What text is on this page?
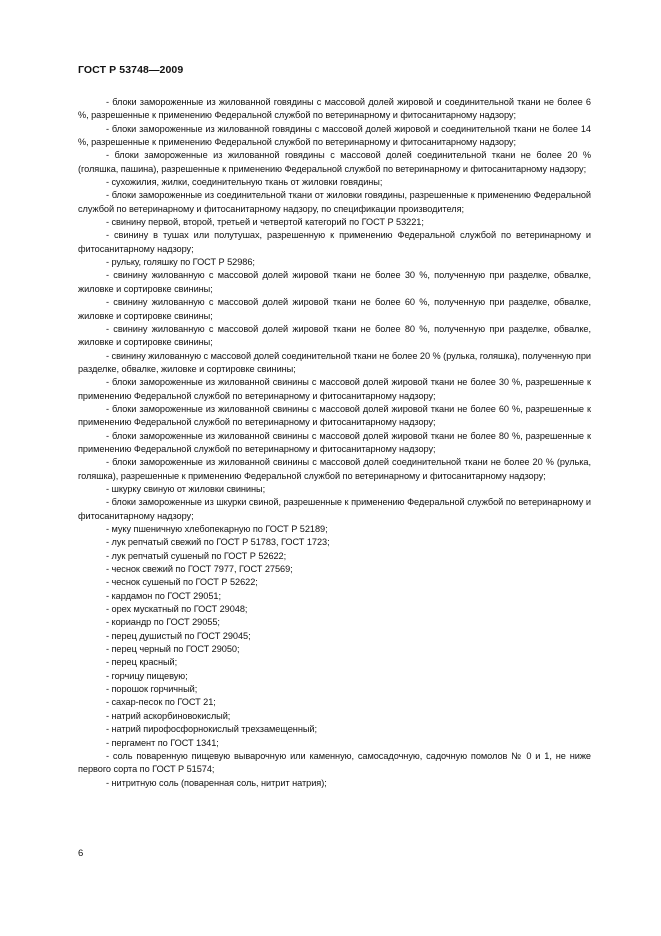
ГОСТ Р 53748—2009

- блоки замороженные из жилованной говядины с массовой долей жировой и соединительной ткани не более 6 %, разрешенные к применению Федеральной службой по ветеринарному и фитосанитарному надзору;

- блоки замороженные из жилованной говядины с массовой долей жировой и соединительной ткани не более 14 %, разрешенные к применению Федеральной службой по ветеринарному и фитосанитарному надзору;

- блоки замороженные из жилованной говядины с массовой долей соединительной ткани не более 20 % (голяшка, пашина), разрешенные к применению Федеральной службой по ветеринарному и фитосанитарному надзору;

- сухожилия, жилки, соединительную ткань от жиловки говядины;

- блоки замороженные из соединительной ткани от жиловки говядины, разрешенные к применению Федеральной службой по ветеринарному и фитосанитарному надзору, по спецификации производителя;

- свинину первой, второй, третьей и четвертой категорий по ГОСТ Р 53221;

- свинину в тушах или полутушах, разрешенную к применению Федеральной службой по ветеринарному и фитосанитарному надзору;

- рульку, голяшку по ГОСТ Р 52986;

- свинину жилованную с массовой долей жировой ткани не более 30 %, полученную при разделке, обвалке, жиловке и сортировке свинины;

- свинину жилованную с массовой долей жировой ткани не более 60 %, полученную при разделке, обвалке, жиловке и сортировке свинины;

- свинину жилованную с массовой долей жировой ткани не более 80 %, полученную при разделке, обвалке, жиловке и сортировке свинины;

- свинину жилованную с массовой долей соединительной ткани не более 20 % (рулька, голяшка), полученную при разделке, обвалке, жиловке и сортировке свинины;

- блоки замороженные из жилованной свинины с массовой долей жировой ткани не более 30 %, разрешенные к применению Федеральной службой по ветеринарному и фитосанитарному надзору;

- блоки замороженные из жилованной свинины с массовой долей жировой ткани не более 60 %, разрешенные к применению Федеральной службой по ветеринарному и фитосанитарному надзору;

- блоки замороженные из жилованной свинины с массовой долей жировой ткани не более 80 %, разрешенные к применению Федеральной службой по ветеринарному и фитосанитарному надзору;

- блоки замороженные из жилованной свинины с массовой долей соединительной ткани не более 20 % (рулька, голяшка), разрешенные к применению Федеральной службой по ветеринарному и фитосанитарному надзору;

- шкурку свиную от жиловки свинины;

- блоки замороженные из шкурки свиной, разрешенные к применению Федеральной службой по ветеринарному и фитосанитарному надзору;

- муку пшеничную хлебопекарную по ГОСТ Р 52189;

- лук репчатый свежий по ГОСТ Р 51783, ГОСТ 1723;

- лук репчатый сушеный по ГОСТ Р 52622;

- чеснок свежий по ГОСТ 7977, ГОСТ 27569;

- чеснок сушеный по ГОСТ Р 52622;

- кардамон по ГОСТ 29051;

- орех мускатный по ГОСТ 29048;

- кориандр по ГОСТ 29055;

- перец душистый по ГОСТ 29045;

- перец черный по ГОСТ 29050;

- перец красный;

- горчицу пищевую;

- порошок горчичный;

- сахар-песок по ГОСТ 21;

- натрий аскорбиновокислый;

- натрий пирофосфорнокислый трехзамещенный;

- пергамент по ГОСТ 1341;

- соль поваренную пищевую выварочную или каменную, самосадочную, садочную помолов № 0 и 1, не ниже первого сорта по ГОСТ Р 51574;

- нитритную соль (поваренная соль, нитрит натрия);

6
